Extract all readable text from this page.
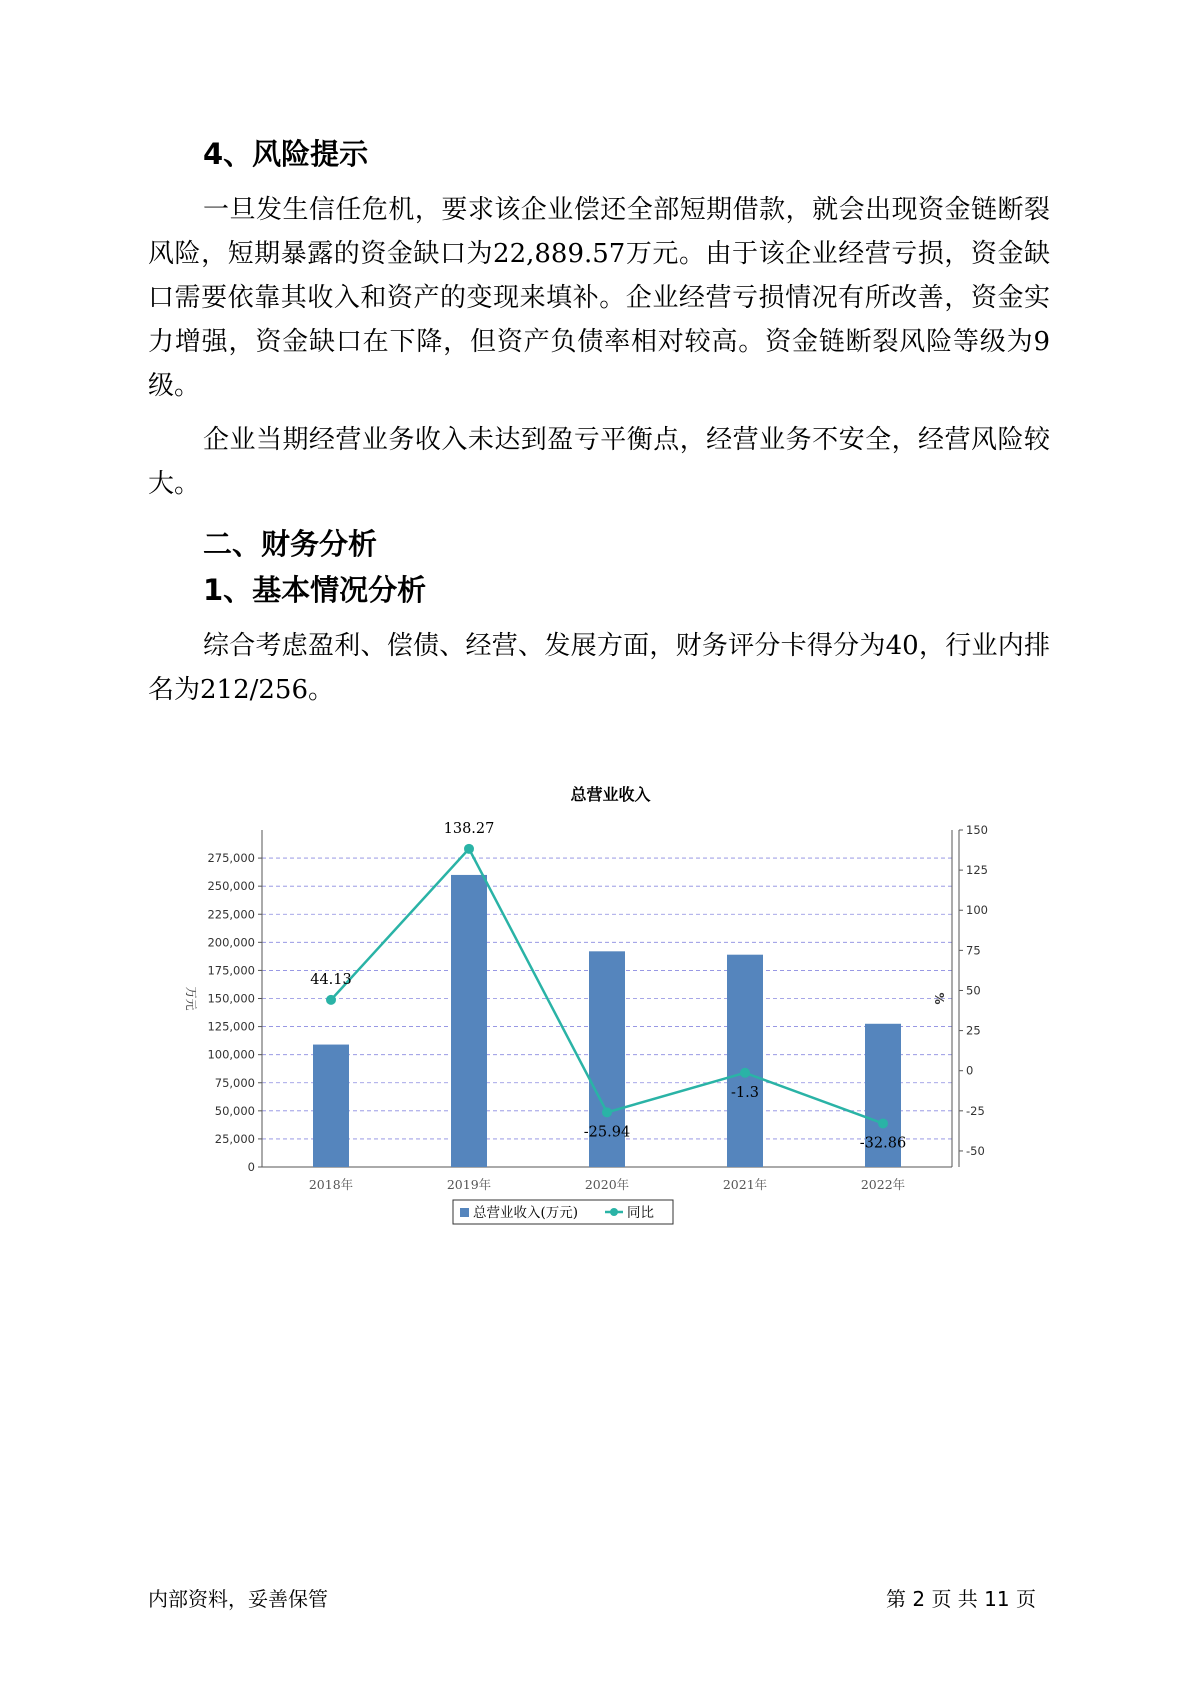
4、风险提示
一旦发生信任危机，要求该企业偿还全部短期借款，就会出现资金链断裂风险，短期暴露的资金缺口为22,889.57万元。由于该企业经营亏损，资金缺口需要依靠其收入和资产的变现来填补。企业经营亏损情况有所改善，资金实力增强，资金缺口在下降，但资产负债率相对较高。资金链断裂风险等级为9级。
企业当期经营业务收入未达到盈亏平衡点，经营业务不安全，经营风险较大。
二、财务分析
1、基本情况分析
综合考虑盈利、偿债、经营、发展方面，财务评分卡得分为40，行业内排名为212/256。
总营业收入
0
25,000
50,000
75,000
100,000
125,000
150,000
175,000
200,000
225,000
250,000
275,000
-50
-25
0
25
50
75
100
125
150
万元	%
2018年	2019年	2020年	2021年	2022年
44.13
138.27
-25.94
-1.3
-32.86
总营业收入(万元)	同比
内部资料，妥善保管	第 2 页 共 11 页
